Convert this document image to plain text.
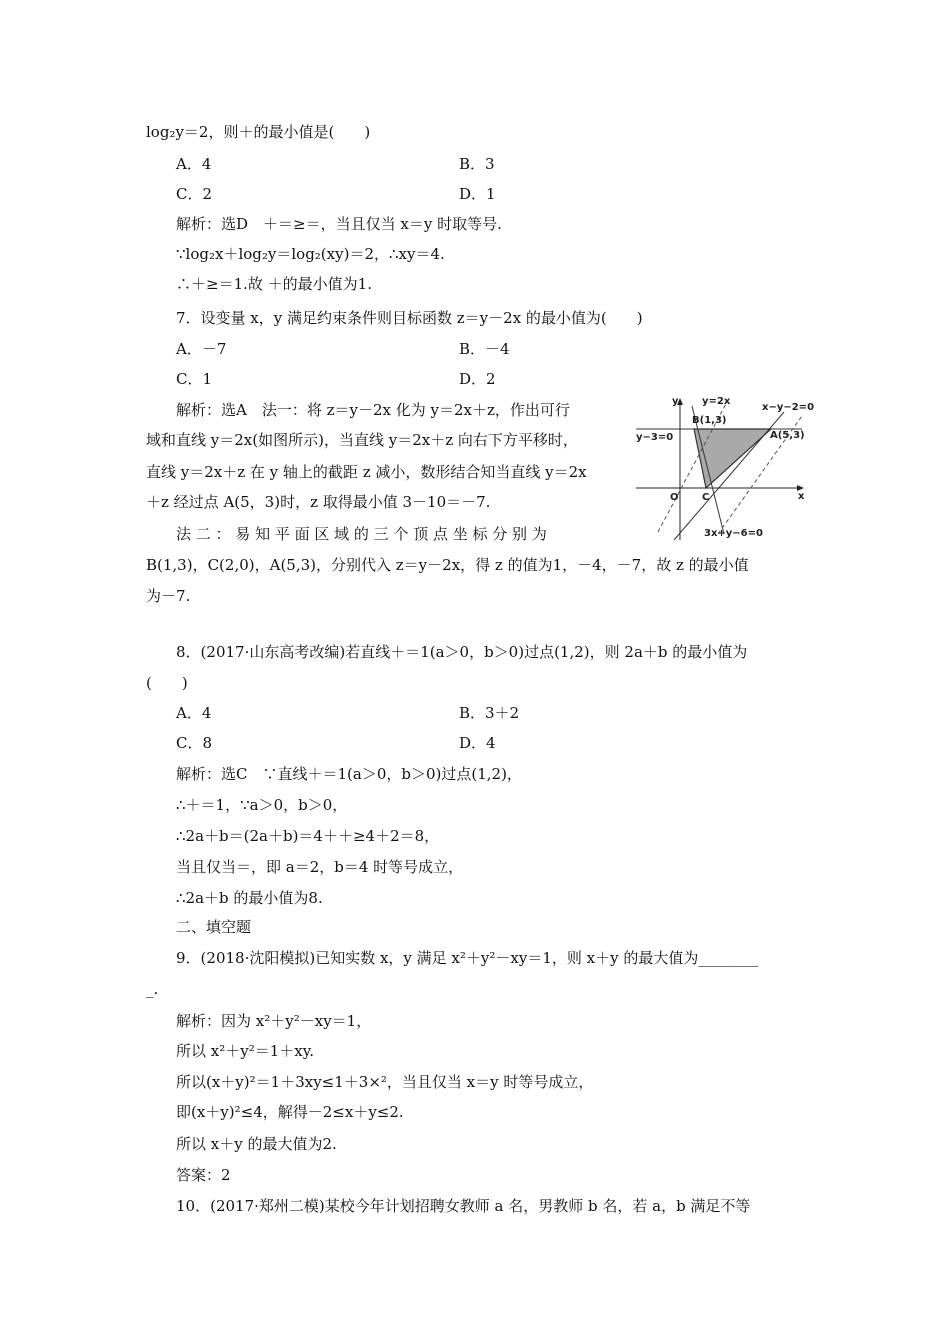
log₂y＝2，则＋的最小值是(　　)
A．4	B．3
C．2	D．1
解析：选D　＋＝≥＝，当且仅当 x＝y 时取等号.
∵log₂x＋log₂y＝log₂(xy)＝2，∴xy＝4.
∴＋≥＝1.故 ＋的最小值为1.
7．设变量 x，y 满足约束条件则目标函数 z＝y－2x 的最小值为(　　)
A．－7	B．－4
C．1	D．2
解析：选A　法一：将 z＝y－2x 化为 y＝2x＋z，作出可行
域和直线 y＝2x(如图所示)，当直线 y＝2x＋z 向右下方平移时，
直线 y＝2x＋z 在 y 轴上的截距 z 减小，数形结合知当直线 y＝2x
＋z 经过点 A(5，3)时，z 取得最小值 3－10＝－7.
法 二 ： 易 知 平 面 区 域 的 三 个 顶 点 坐 标 分 别 为
B(1,3)，C(2,0)，A(5,3)，分别代入 z＝y－2x，得 z 的值为1，－4，－7，故 z 的最小值
为－7.
y
x
y=2x
x−y−2=0
B(1,3)
A(5,3)
y−3=0
O C
3x+y−6=0
8．(2017·山东高考改编)若直线＋＝1(a＞0，b＞0)过点(1,2)，则 2a＋b 的最小值为
(　　)
A．4	B．3＋2
C．8	D．4
解析：选C　∵直线＋＝1(a＞0，b＞0)过点(1,2)，
∴＋＝1，∵a＞0，b＞0，
∴2a＋b＝(2a＋b)＝4＋＋≥4＋2＝8，
当且仅当＝，即 a＝2，b＝4 时等号成立，
∴2a＋b 的最小值为8.
二、填空题
9．(2018·沈阳模拟)已知实数 x，y 满足 x²＋y²－xy＝1，则 x＋y 的最大值为________
_.
解析：因为 x²＋y²－xy＝1，
所以 x²＋y²＝1＋xy.
所以(x＋y)²＝1＋3xy≤1＋3×²，当且仅当 x＝y 时等号成立，
即(x＋y)²≤4，解得－2≤x＋y≤2.
所以 x＋y 的最大值为2.
答案：2
10．(2017·郑州二模)某校今年计划招聘女教师 a 名，男教师 b 名，若 a，b 满足不等
